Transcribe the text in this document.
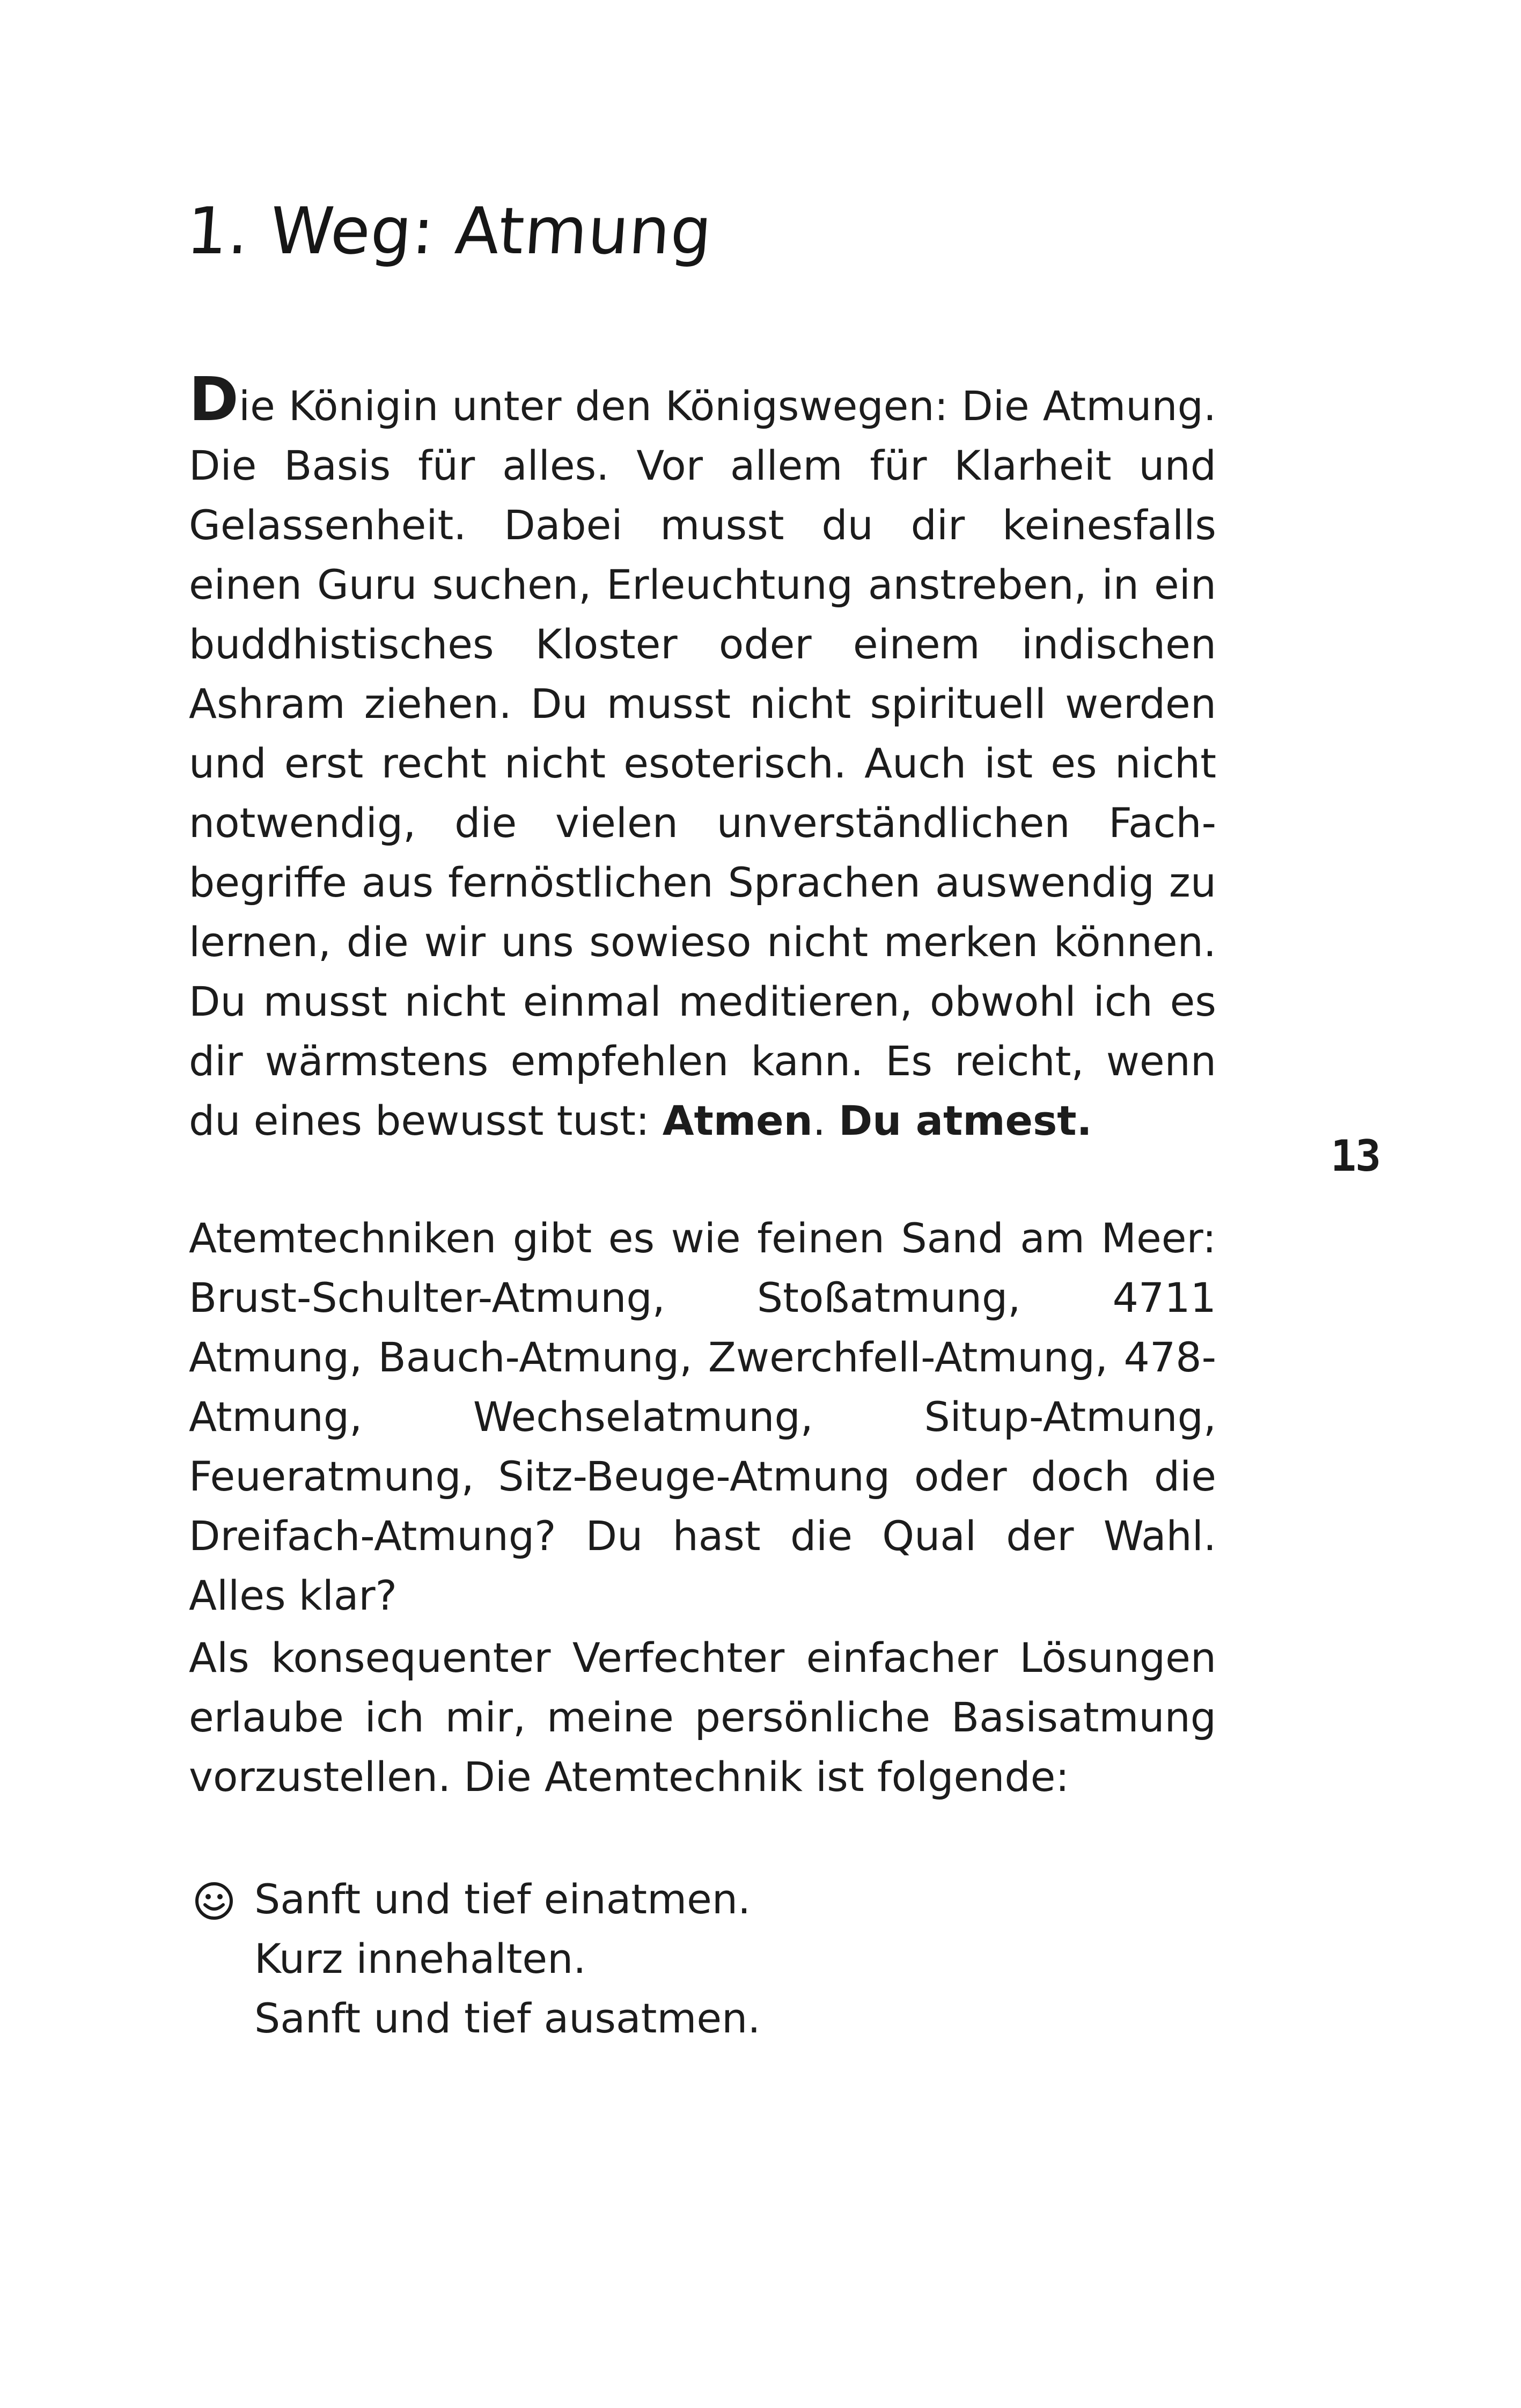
1. Weg: Atmung
Die Königin unter den Königswegen: Die Atmung. Die Basis für alles. Vor allem für Klarheit und Gelassenheit. Dabei musst du dir keinesfalls einen Guru suchen, Erleuchtung anstreben, in ein buddhistisches Kloster oder einem indischen Ashram ziehen. Du musst nicht spirituell werden und erst recht nicht esoterisch. Auch ist es nicht notwendig, die vielen unverständlichen Fachbegriffe aus fernöstlichen Sprachen auswendig zu lernen, die wir uns sowieso nicht merken können. Du musst nicht einmal meditieren, obwohl ich es dir wärmstens empfehlen kann. Es reicht, wenn du eines bewusst tust: Atmen. Du atmest.
13
Atemtechniken gibt es wie feinen Sand am Meer: Brust-Schulter-Atmung, Stoßatmung, 4711 Atmung, Bauch-Atmung, Zwerchfell-Atmung, 478-Atmung, Wechselatmung, Situp-Atmung, Feueratmung, Sitz-Beuge-Atmung oder doch die Dreifach-Atmung? Du hast die Qual der Wahl. Alles klar?
Als konsequenter Verfechter einfacher Lösungen erlaube ich mir, meine persönliche Basisatmung vorzustellen. Die Atemtechnik ist folgende:
Sanft und tief einatmen.
Kurz innehalten.
Sanft und tief ausatmen.
